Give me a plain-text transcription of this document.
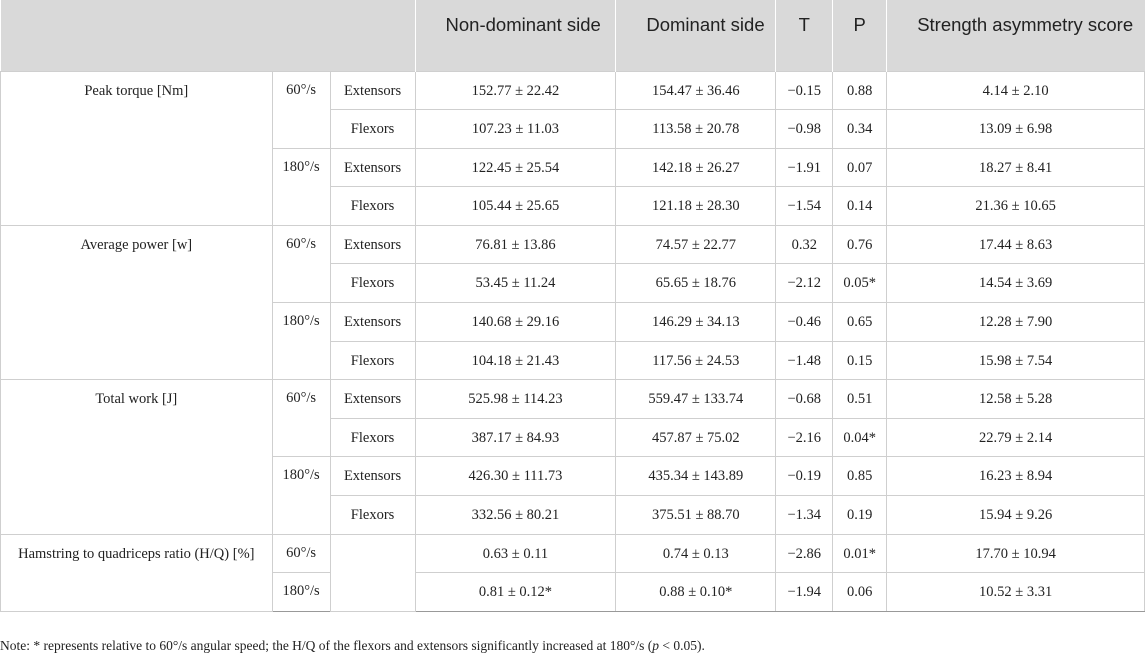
			Non-dominant side	Dominant side	T	P	Strength asymmetry score
Peak torque [Nm]	60°/s	Extensors	152.77 ± 22.42	154.47 ± 36.46	−0.15	0.88	4.14 ± 2.10
		Flexors	107.23 ± 11.03	113.58 ± 20.78	−0.98	0.34	13.09 ± 6.98
	180°/s	Extensors	122.45 ± 25.54	142.18 ± 26.27	−1.91	0.07	18.27 ± 8.41
		Flexors	105.44 ± 25.65	121.18 ± 28.30	−1.54	0.14	21.36 ± 10.65
Average power [w]	60°/s	Extensors	76.81 ± 13.86	74.57 ± 22.77	0.32	0.76	17.44 ± 8.63
		Flexors	53.45 ± 11.24	65.65 ± 18.76	−2.12	0.05*	14.54 ± 3.69
	180°/s	Extensors	140.68 ± 29.16	146.29 ± 34.13	−0.46	0.65	12.28 ± 7.90
		Flexors	104.18 ± 21.43	117.56 ± 24.53	−1.48	0.15	15.98 ± 7.54
Total work [J]	60°/s	Extensors	525.98 ± 114.23	559.47 ± 133.74	−0.68	0.51	12.58 ± 5.28
		Flexors	387.17 ± 84.93	457.87 ± 75.02	−2.16	0.04*	22.79 ± 2.14
	180°/s	Extensors	426.30 ± 111.73	435.34 ± 143.89	−0.19	0.85	16.23 ± 8.94
		Flexors	332.56 ± 80.21	375.51 ± 88.70	−1.34	0.19	15.94 ± 9.26
Hamstring to quadriceps ratio (H/Q) [%]	60°/s		0.63 ± 0.11	0.74 ± 0.13	−2.86	0.01*	17.70 ± 10.94
	180°/s		0.81 ± 0.12*	0.88 ± 0.10*	−1.94	0.06	10.52 ± 3.31
Note: * represents relative to 60°/s angular speed; the H/Q of the flexors and extensors significantly increased at 180°/s (p < 0.05).
